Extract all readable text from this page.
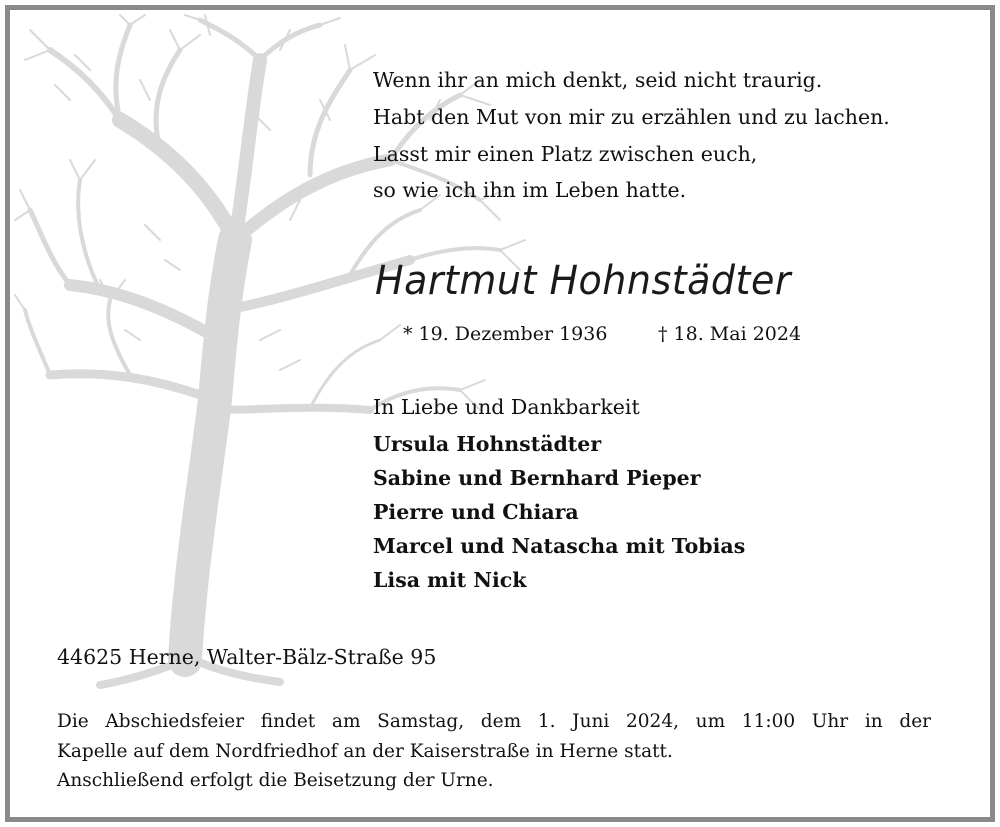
Wenn ihr an mich denkt, seid nicht traurig.
Habt den Mut von mir zu erzählen und zu lachen.
Lasst mir einen Platz zwischen euch,
so wie ich ihn im Leben hatte.
Hartmut Hohnstädter
* 19. Dezember 1936	† 18. Mai 2024
In Liebe und Dankbarkeit
Ursula Hohnstädter
Sabine und Bernhard Pieper
Pierre und Chiara
Marcel und Natascha mit Tobias
Lisa mit Nick
44625 Herne, Walter-Bälz-Straße 95
Die Abschiedsfeier findet am Samstag, dem 1. Juni 2024, um 11:00 Uhr in der
Kapelle auf dem Nordfriedhof an der Kaiserstraße in Herne statt.
Anschließend erfolgt die Beisetzung der Urne.
